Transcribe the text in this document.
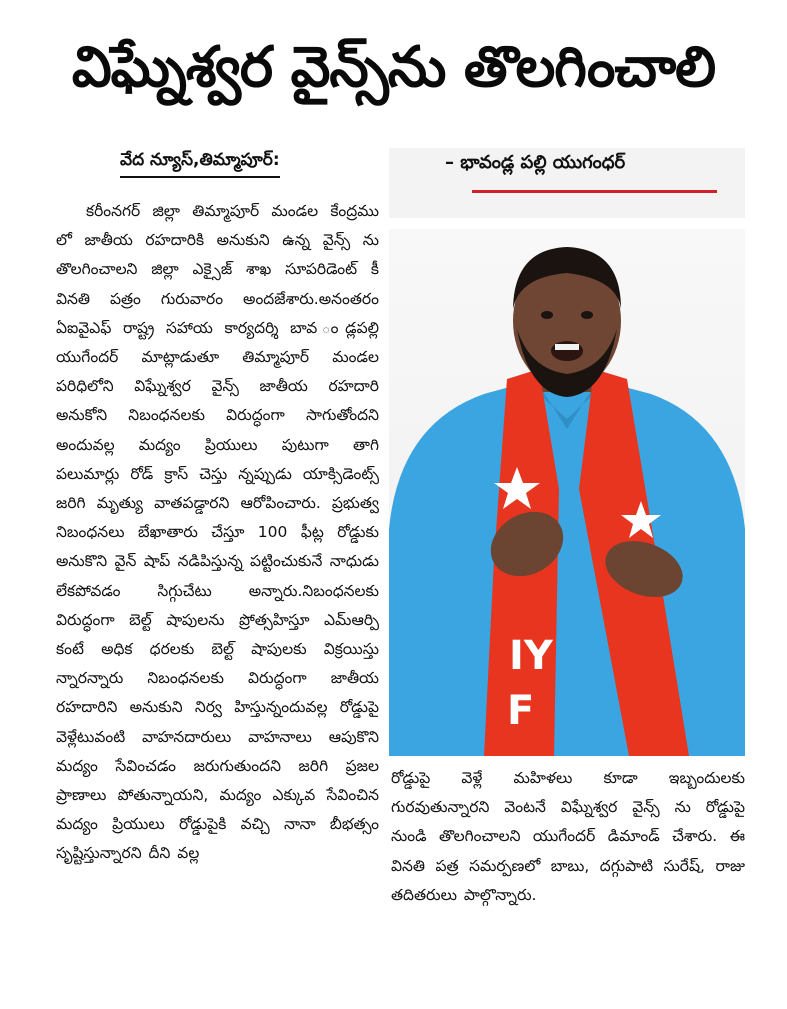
విఘ్నేశ్వర వైన్స్‌ను తొలగించాలి
వేద న్యూస్,తిమ్మాపూర్:
కరీంనగర్ జిల్లా తిమ్మాపూర్ మండల కేంద్రము లో జాతీయ రహదారికి అనుకుని ఉన్న వైన్స్ ను తొలగించాలని జిల్లా ఎక్సైజ్ శాఖ సూపరిడెంట్ కీ వినతి పత్రం గురువారం అందజేశారు.అనంతరం ఏఐవైఎఫ్ రాష్ట్ర సహాయ కార్యదర్శి బావ ండ్లపల్లి యుగేందర్ మాట్లాడుతూ తిమ్మాపూర్ మండల పరిధిలోని విఘ్నేశ్వర వైన్స్ జాతీయ రహదారి అనుకోని నిబంధనలకు విరుద్ధంగా సాగుతోందని అందువల్ల మద్యం ప్రియులు పుటుగా తాగి పలుమార్లు రోడ్ క్రాస్ చెస్తు న్నప్పుడు యాక్సిడెంట్స్ జరిగి మృత్యు వాతపడ్డారని ఆరోపించారు. ప్రభుత్వ నిబంధనలు బేఖాతారు చేస్తూ 100 ఫీట్ల రోడ్డుకు అనుకొని వైన్ షాప్ నడిపిస్తున్న పట్టించుకునే నాధుడు లేకపోవడం సిగ్గుచేటు అన్నారు.నిబంధనలకు విరుద్ధంగా బెల్ట్ షాపులను ప్రోత్సహిస్తూ ఎమ్ఆర్పి కంటే అధిక ధరలకు బెల్ట్ షాపులకు విక్రయిస్తు న్నారన్నారు నిబంధనలకు విరుద్ధంగా జాతీయ రహదారిని అనుకుని నిర్వ హిస్తున్నందువల్ల రోడ్డుపై వెళ్లేటువంటి వాహనదారులు వాహనాలు ఆపుకొని మద్యం సేవించడం జరుగుతుందని జరిగి ప్రజల ప్రాణాలు పోతున్నాయని, మద్యం ఎక్కువ సేవించిన మద్యం ప్రియులు రోడ్డుపైకి వచ్చి నానా బీభత్సం సృష్టిస్తున్నారని దీని వల్ల
– భావండ్ల పల్లి యుగంధర్
IY
F
రోడ్డుపై వెళ్లే మహిళలు కూడా ఇబ్బందులకు గురవుతున్నారని వెంటనే విఘ్నేశ్వర వైన్స్ ను రోడ్డుపై నుండి తొలగించాలని యుగేందర్ డిమాండ్ చేశారు. ఈ వినతి పత్ర సమర్పణలో బాబు, దగ్గుపాటి సురేష్, రాజు తదితరులు పాల్గొన్నారు.
